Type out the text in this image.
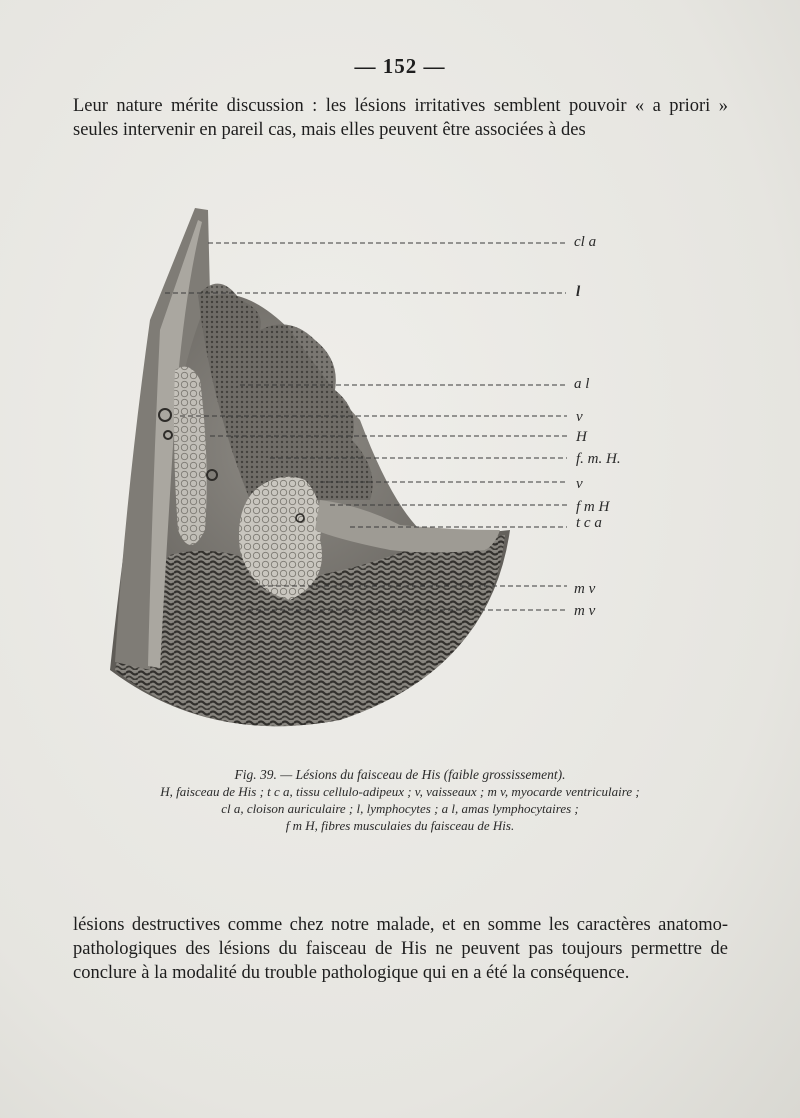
— 152 —
Leur nature mérite discussion : les lésions irritatives semblent pouvoir « a priori » seules intervenir en pareil cas, mais elles peuvent être associées à des
cl a
l
a l
v
H
f. m. H.
v
f m H
t c a
m v
m v
Fig. 39. — Lésions du faisceau de His (faible grossissement).
H, faisceau de His ; t c a, tissu cellulo-adipeux ; v, vaisseaux ; m v, myocarde ventriculaire ;
cl a, cloison auriculaire ; l, lymphocytes ; a l, amas lymphocytaires ;
f m H, fibres musculaies du faisceau de His.
lésions destructives comme chez notre malade, et en somme les caractères anatomo-pathologiques des lésions du faisceau de His ne peuvent pas toujours permettre de conclure à la modalité du trouble pathologique qui en a été la conséquence.
